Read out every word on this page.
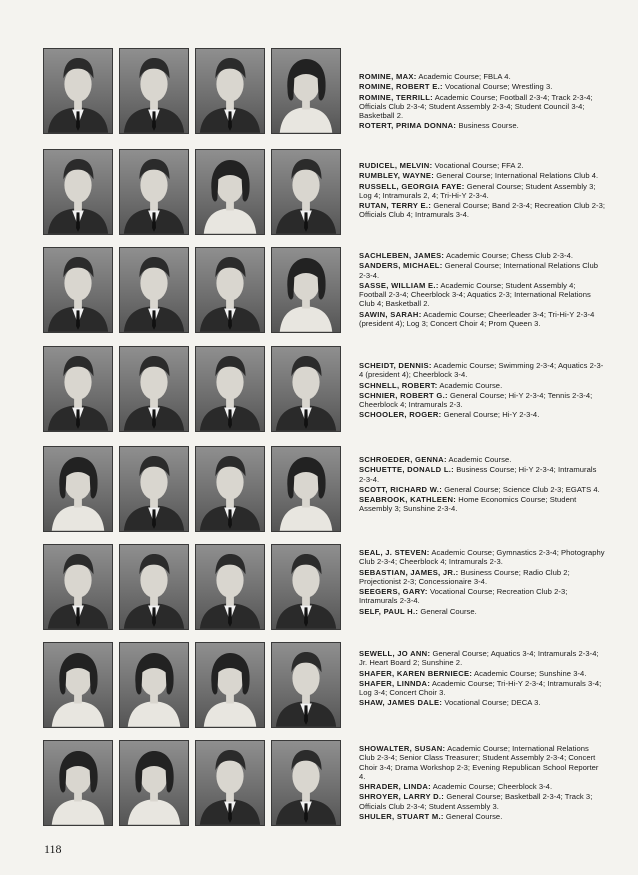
ROMINE, MAX: Academic Course; FBLA 4.
ROMINE, ROBERT E.: Vocational Course; Wrestling 3.
ROMINE, TERRILL: Academic Course; Football 2-3-4; Track 2-3-4; Officials Club 2-3-4; Student Assembly 2-3-4; Student Council 3-4; Basketball 2.
ROTERT, PRIMA DONNA: Business Course.
RUDICEL, MELVIN: Vocational Course; FFA 2.
RUMBLEY, WAYNE: General Course; International Relations Club 4.
RUSSELL, GEORGIA FAYE: General Course; Student Assembly 3; Log 4; Intramurals 2, 4; Tri-Hi-Y 2-3-4.
RUTAN, TERRY E.: General Course; Band 2-3-4; Recreation Club 2-3; Officials Club 4; Intramurals 3-4.
SACHLEBEN, JAMES: Academic Course; Chess Club 2-3-4.
SANDERS, MICHAEL: General Course; International Relations Club 2-3-4.
SASSE, WILLIAM E.: Academic Course; Student Assembly 4; Football 2-3-4; Cheerblock 3-4; Aquatics 2-3; International Relations Club 4; Basketball 2.
SAWIN, SARAH: Academic Course; Cheerleader 3-4; Tri-Hi-Y 2-3-4 (president 4); Log 3; Concert Choir 4; Prom Queen 3.
SCHEIDT, DENNIS: Academic Course; Swimming 2-3-4; Aquatics 2-3-4 (president 4); Cheerblock 3-4.
SCHNELL, ROBERT: Academic Course.
SCHNIER, ROBERT G.: General Course; Hi-Y 2-3-4; Tennis 2-3-4; Cheerblock 4; Intramurals 2-3.
SCHOOLER, ROGER: General Course; Hi-Y 2-3-4.
SCHROEDER, GENNA: Academic Course.
SCHUETTE, DONALD L.: Business Course; Hi-Y 2-3-4; Intramurals 2-3-4.
SCOTT, RICHARD W.: General Course; Science Club 2-3; EGATS 4.
SEABROOK, KATHLEEN: Home Economics Course; Student Assembly 3; Sunshine 2-3-4.
SEAL, J. STEVEN: Academic Course; Gymnastics 2-3-4; Photography Club 2-3-4; Cheerblock 4; Intramurals 2-3.
SEBASTIAN, JAMES, JR.: Business Course; Radio Club 2; Projectionist 2-3; Concessionaire 3-4.
SEEGERS, GARY: Vocational Course; Recreation Club 2-3; Intramurals 2-3-4.
SELF, PAUL H.: General Course.
SEWELL, JO ANN: General Course; Aquatics 3-4; Intramurals 2-3-4; Jr. Heart Board 2; Sunshine 2.
SHAFER, KAREN BERNIECE: Academic Course; Sunshine 3-4.
SHAFER, LINNDA: Academic Course; Tri-Hi-Y 2-3-4; Intramurals 3-4; Log 3-4; Concert Choir 3.
SHAW, JAMES DALE: Vocational Course; DECA 3.
SHOWALTER, SUSAN: Academic Course; International Relations Club 2-3-4; Senior Class Treasurer; Student Assembly 2-3-4; Concert Choir 3-4; Drama Workshop 2-3; Evening Republican School Reporter 4.
SHRADER, LINDA: Academic Course; Cheerblock 3-4.
SHROYER, LARRY D.: General Course; Basketball 2-3-4; Track 3; Officials Club 2-3-4; Student Assembly 3.
SHULER, STUART M.: General Course.
118
